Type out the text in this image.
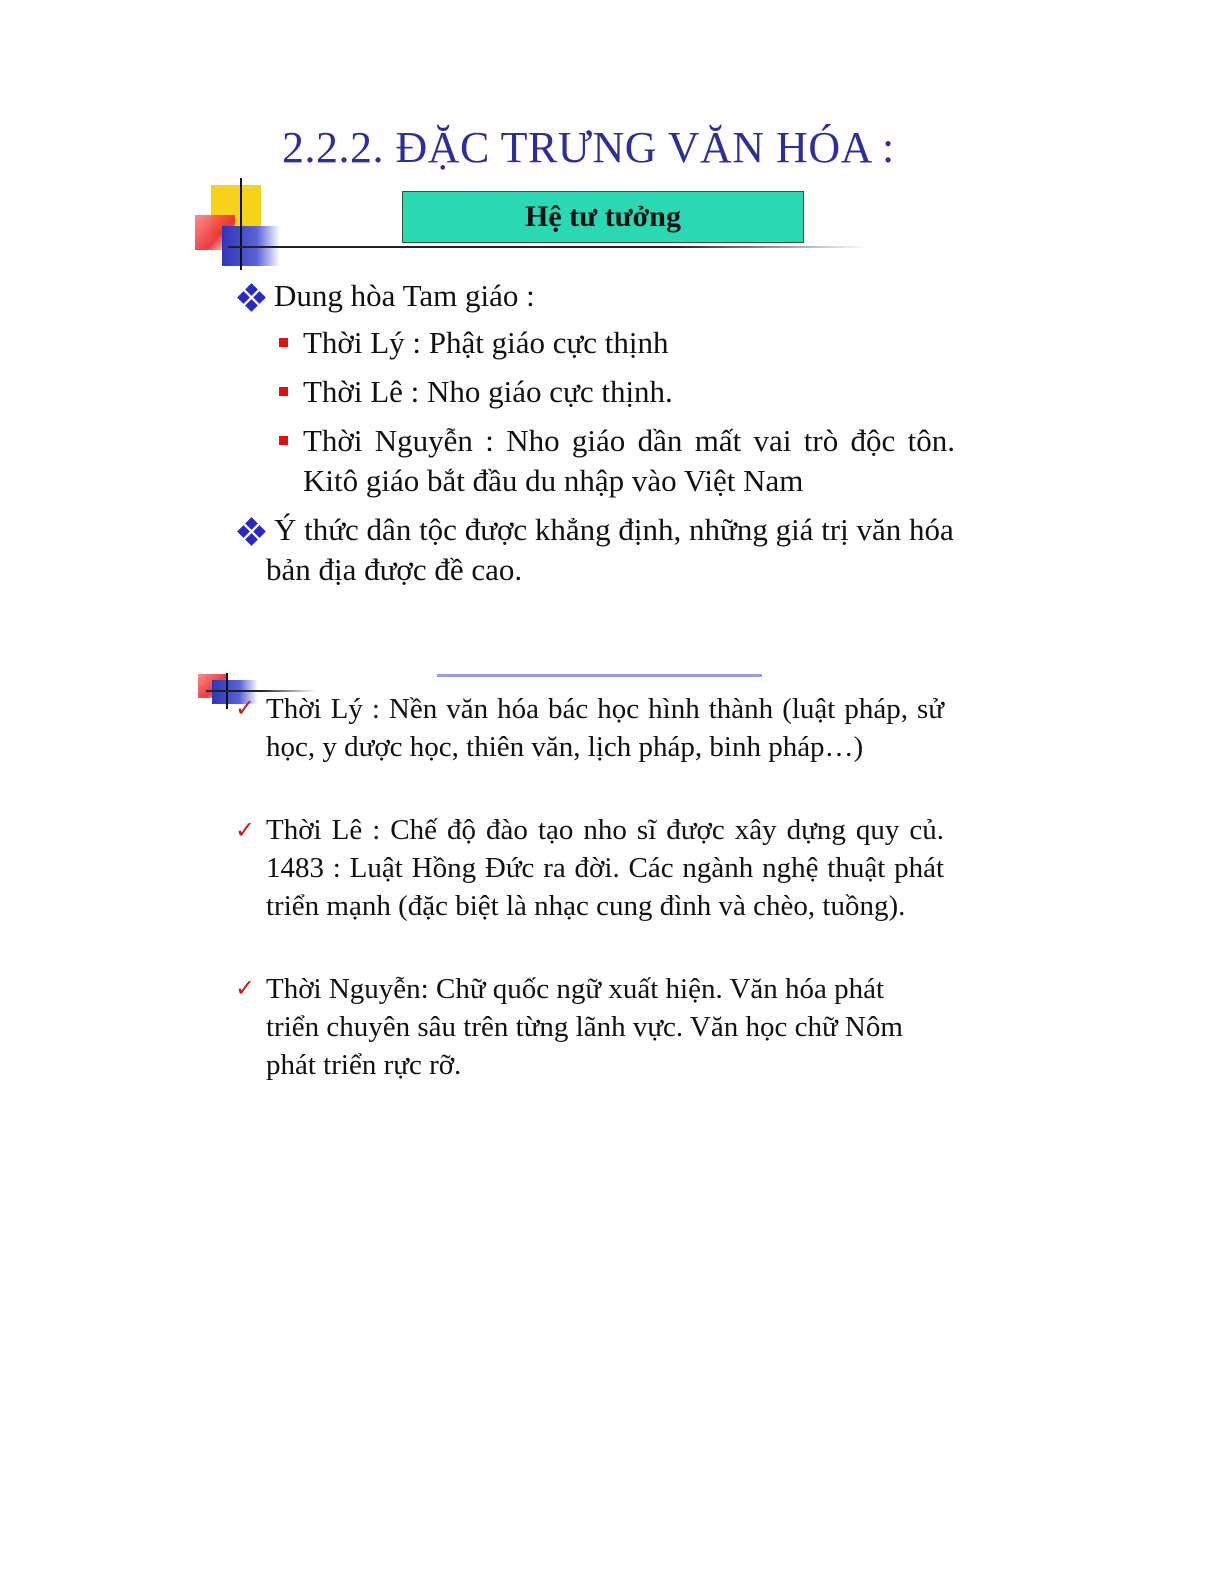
2.2.2. ĐẶC TRƯNG VĂN HÓA :
Hệ tư tưởng
Dung hòa Tam giáo :
Thời Lý : Phật giáo cực thịnh
Thời Lê : Nho giáo cực thịnh.
Thời Nguyễn : Nho giáo dần mất vai trò độc tôn. Kitô giáo bắt đầu du nhập vào Việt Nam
Ý thức dân tộc được khẳng định, những giá trị văn hóa bản địa được đề cao.
✓ Thời Lý : Nền văn hóa bác học hình thành (luật pháp, sử học, y dược học, thiên văn, lịch pháp, binh pháp…)
✓ Thời Lê : Chế độ đào tạo nho sĩ được xây dựng quy củ. 1483 : Luật Hồng Đức ra đời. Các ngành nghệ thuật phát triển mạnh (đặc biệt là nhạc cung đình và chèo, tuồng).
✓ Thời Nguyễn: Chữ quốc ngữ xuất hiện. Văn hóa phát triển chuyên sâu trên từng lãnh vực. Văn học chữ Nôm phát triển rực rỡ.
